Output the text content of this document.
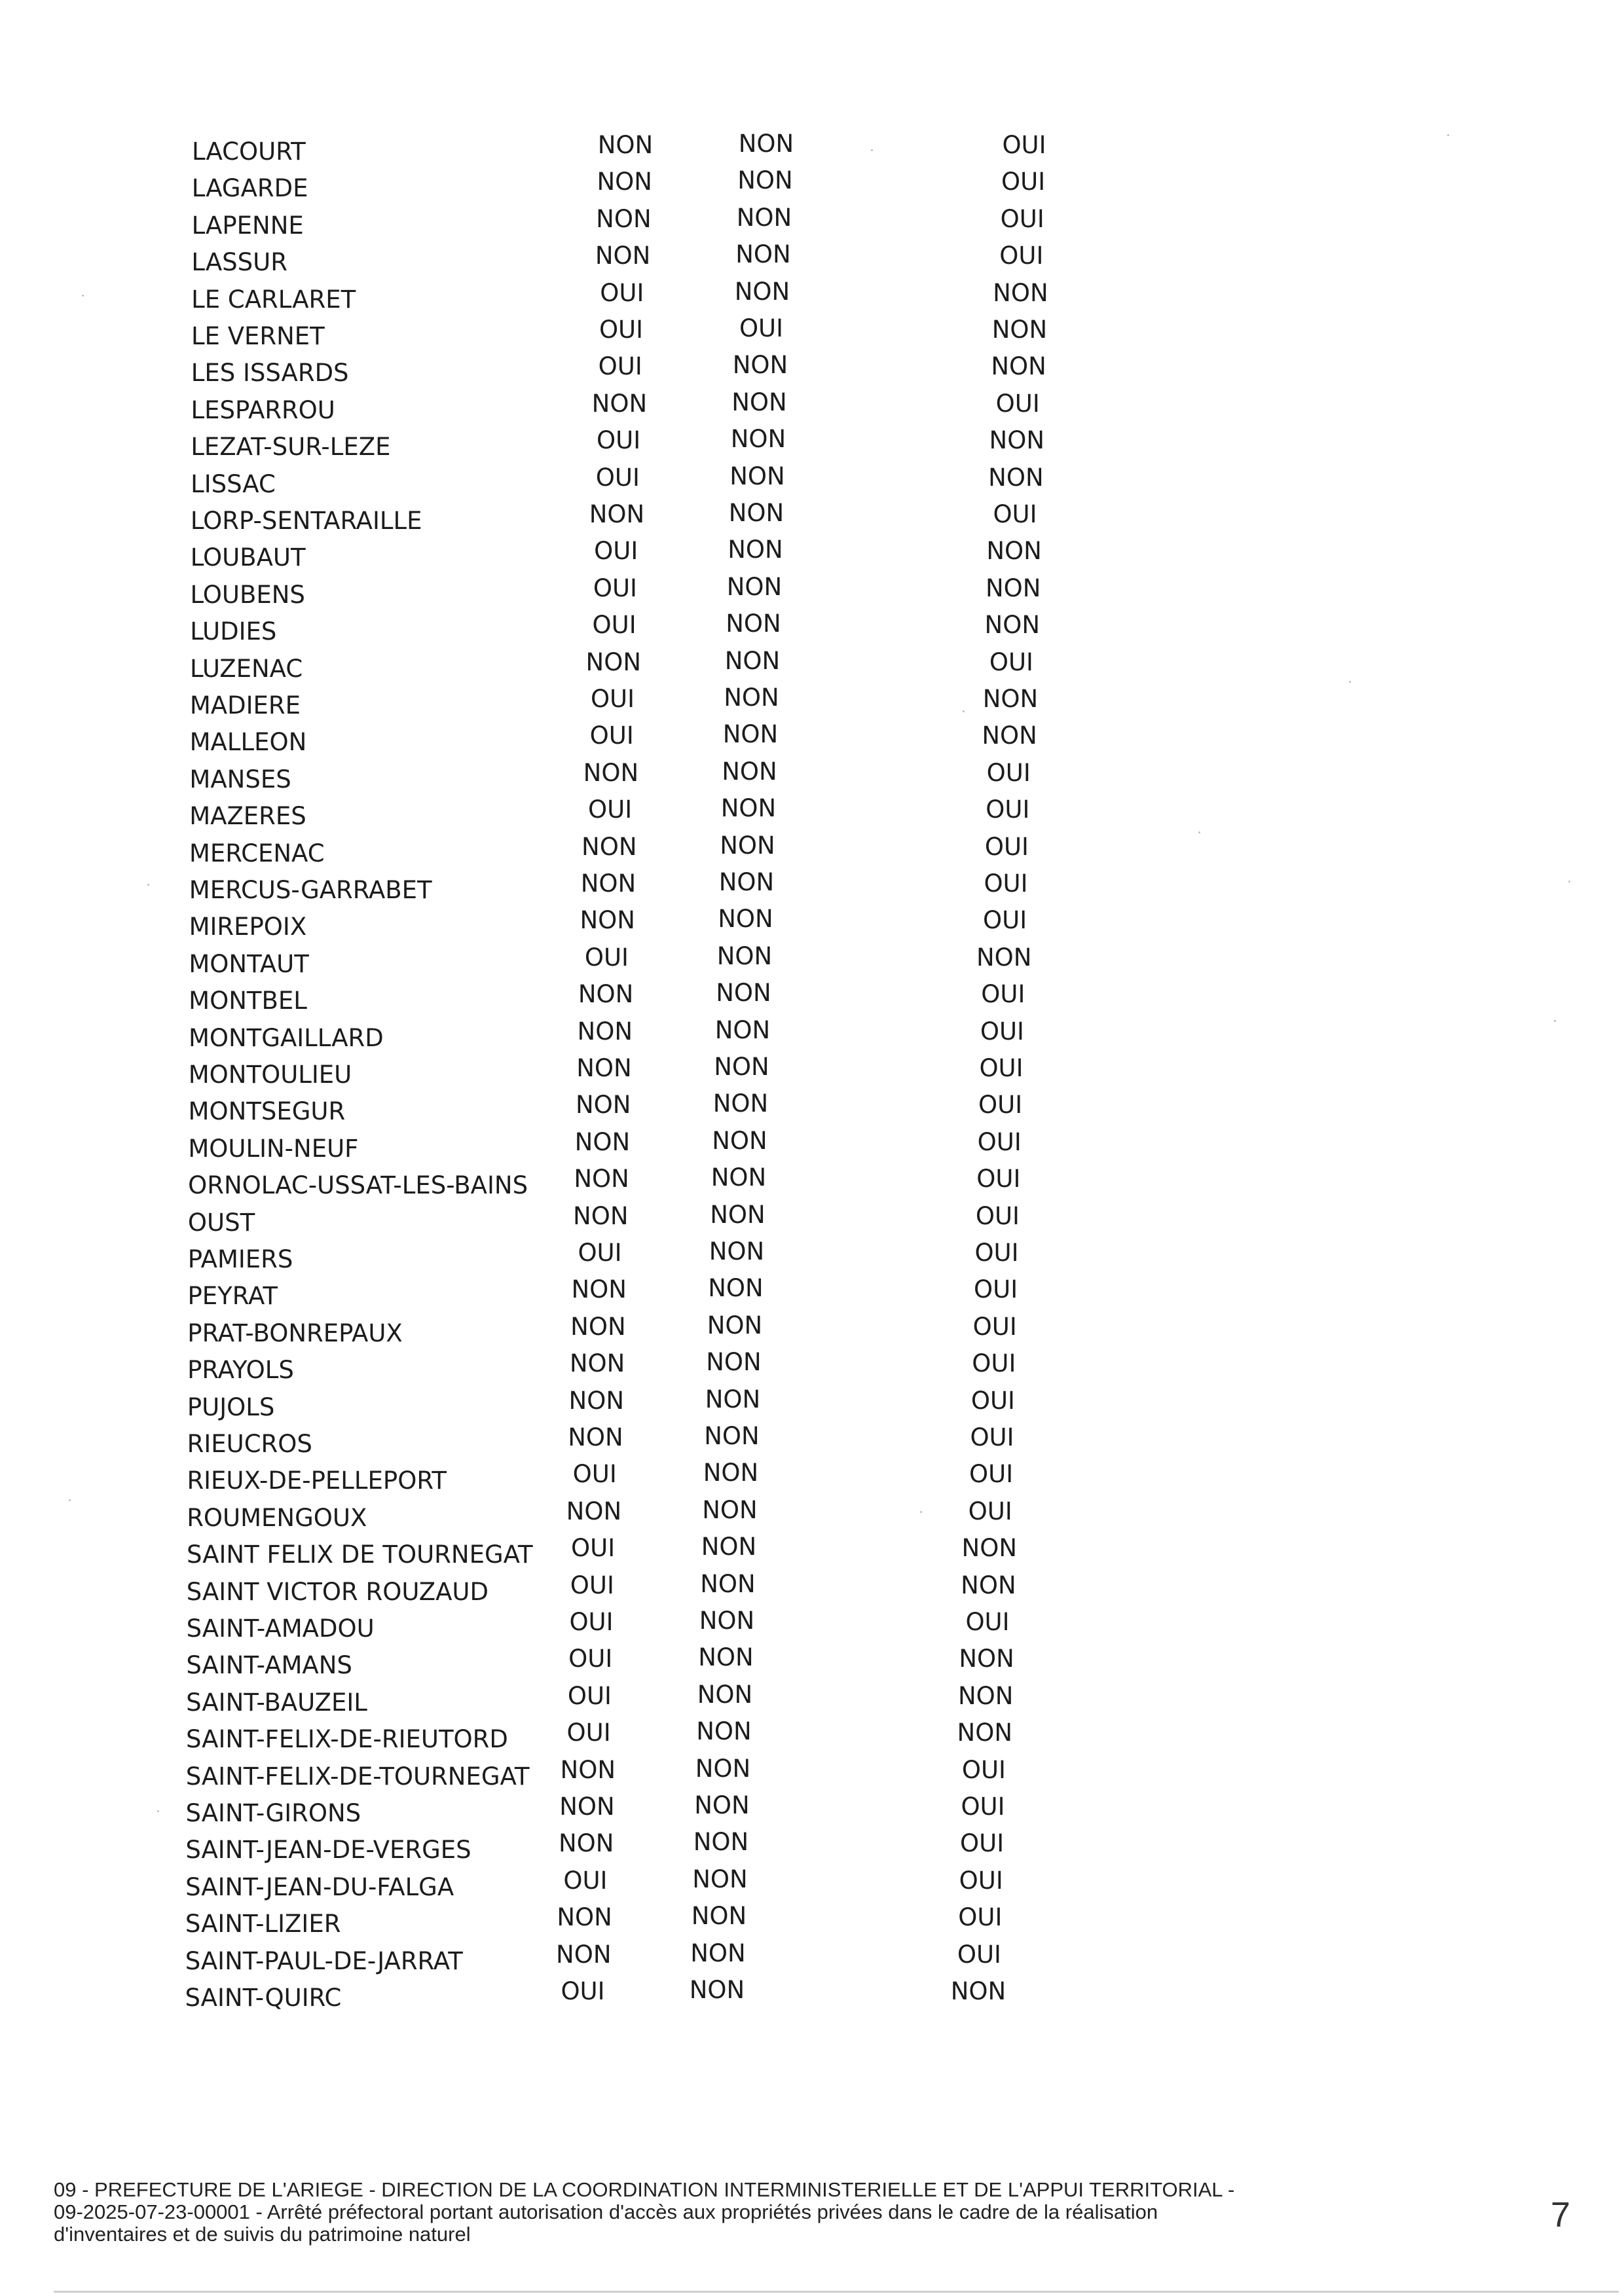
LACOURT	NON	NON	OUI
LAGARDE	NON	NON	OUI
LAPENNE	NON	NON	OUI
LASSUR	NON	NON	OUI
LE CARLARET	OUI	NON	NON
LE VERNET	OUI	OUI	NON
LES ISSARDS	OUI	NON	NON
LESPARROU	NON	NON	OUI
LEZAT-SUR-LEZE	OUI	NON	NON
LISSAC	OUI	NON	NON
LORP-SENTARAILLE	NON	NON	OUI
LOUBAUT	OUI	NON	NON
LOUBENS	OUI	NON	NON
LUDIES	OUI	NON	NON
LUZENAC	NON	NON	OUI
MADIERE	OUI	NON	NON
MALLEON	OUI	NON	NON
MANSES	NON	NON	OUI
MAZERES	OUI	NON	OUI
MERCENAC	NON	NON	OUI
MERCUS-GARRABET	NON	NON	OUI
MIREPOIX	NON	NON	OUI
MONTAUT	OUI	NON	NON
MONTBEL	NON	NON	OUI
MONTGAILLARD	NON	NON	OUI
MONTOULIEU	NON	NON	OUI
MONTSEGUR	NON	NON	OUI
MOULIN-NEUF	NON	NON	OUI
ORNOLAC-USSAT-LES-BAINS	NON	NON	OUI
OUST	NON	NON	OUI
PAMIERS	OUI	NON	OUI
PEYRAT	NON	NON	OUI
PRAT-BONREPAUX	NON	NON	OUI
PRAYOLS	NON	NON	OUI
PUJOLS	NON	NON	OUI
RIEUCROS	NON	NON	OUI
RIEUX-DE-PELLEPORT	OUI	NON	OUI
ROUMENGOUX	NON	NON	OUI
SAINT FELIX DE TOURNEGAT	OUI	NON	NON
SAINT VICTOR ROUZAUD	OUI	NON	NON
SAINT-AMADOU	OUI	NON	OUI
SAINT-AMANS	OUI	NON	NON
SAINT-BAUZEIL	OUI	NON	NON
SAINT-FELIX-DE-RIEUTORD	OUI	NON	NON
SAINT-FELIX-DE-TOURNEGAT	NON	NON	OUI
SAINT-GIRONS	NON	NON	OUI
SAINT-JEAN-DE-VERGES	NON	NON	OUI
SAINT-JEAN-DU-FALGA	OUI	NON	OUI
SAINT-LIZIER	NON	NON	OUI
SAINT-PAUL-DE-JARRAT	NON	NON	OUI
SAINT-QUIRC	OUI	NON	NON
09 - PREFECTURE DE L'ARIEGE - DIRECTION DE LA COORDINATION INTERMINISTERIELLE ET DE L'APPUI TERRITORIAL -
09-2025-07-23-00001 - Arrêté préfectoral portant autorisation d'accès aux propriétés privées dans le cadre de la réalisation
d'inventaires et de suivis du patrimoine naturel	7
